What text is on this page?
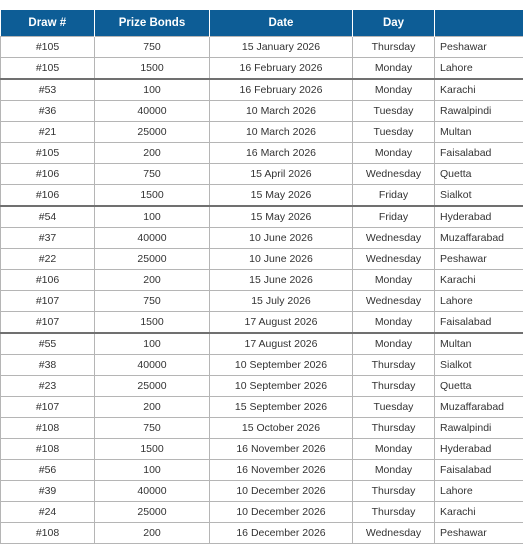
Draw #	Prize Bonds	Date	Day	
#105	750	15 January 2026	Thursday	Peshawar
#105	1500	16 February 2026	Monday	Lahore
#53	100	16 February 2026	Monday	Karachi
#36	40000	10 March 2026	Tuesday	Rawalpindi
#21	25000	10 March 2026	Tuesday	Multan
#105	200	16 March 2026	Monday	Faisalabad
#106	750	15 April 2026	Wednesday	Quetta
#106	1500	15 May 2026	Friday	Sialkot
#54	100	15 May 2026	Friday	Hyderabad
#37	40000	10 June 2026	Wednesday	Muzaffarabad
#22	25000	10 June 2026	Wednesday	Peshawar
#106	200	15 June 2026	Monday	Karachi
#107	750	15 July 2026	Wednesday	Lahore
#107	1500	17 August 2026	Monday	Faisalabad
#55	100	17 August 2026	Monday	Multan
#38	40000	10 September 2026	Thursday	Sialkot
#23	25000	10 September 2026	Thursday	Quetta
#107	200	15 September 2026	Tuesday	Muzaffarabad
#108	750	15 October 2026	Thursday	Rawalpindi
#108	1500	16 November 2026	Monday	Hyderabad
#56	100	16 November 2026	Monday	Faisalabad
#39	40000	10 December 2026	Thursday	Lahore
#24	25000	10 December 2026	Thursday	Karachi
#108	200	16 December 2026	Wednesday	Peshawar
